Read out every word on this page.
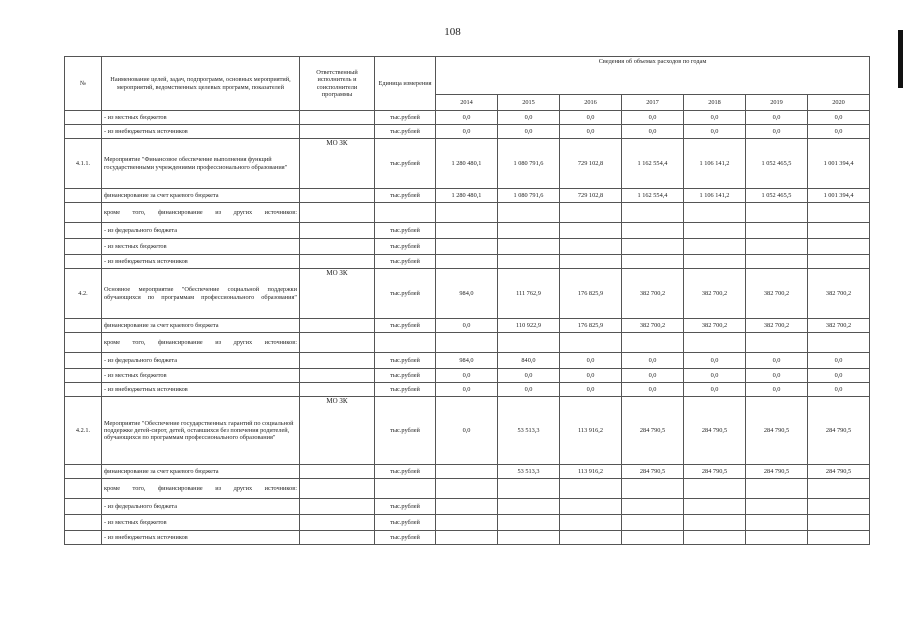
108
№	Наименование целей, задач, подпрограмм, основных мероприятий, мероприятий, ведомственных целевых программ, показателей	Ответственный исполнитель и соисполнители программы	Единица измерения	Сведения об объемах расходов по годам						
				2014	2015	2016	2017	2018	2019	2020
	- из местных бюджетов		тыс.рублей	0,0	0,0	0,0	0,0	0,0	0,0	0,0
	- из внебюджетных источников		тыс.рублей	0,0	0,0	0,0	0,0	0,0	0,0	0,0
4.1.1.	Мероприятие "Финансовое обеспечение выполнения функций государственными учреждениями профессионального образования"	МО ЗК	тыс.рублей	1 280 480,1	1 080 791,6	729 102,8	1 162 554,4	1 106 141,2	1 052 465,5	1 001 394,4
	финансирование за счет краевого бюджета		тыс.рублей	1 280 480,1	1 080 791,6	729 102,8	1 162 554,4	1 106 141,2	1 052 465,5	1 001 394,4
	кроме того, финансирование из других источников:									
	- из федерального бюджета		тыс.рублей							
	- из местных бюджетов		тыс.рублей							
	- из внебюджетных источников		тыс.рублей							
4.2.	Основное мероприятие "Обеспечение социальной поддержки обучающихся по программам профессионального образования"	МО ЗК	тыс.рублей	984,0	111 762,9	176 825,9	382 700,2	382 700,2	382 700,2	382 700,2
	финансирование за счет краевого бюджета		тыс.рублей	0,0	110 922,9	176 825,9	382 700,2	382 700,2	382 700,2	382 700,2
	кроме того, финансирование из других источников:									
	- из федерального бюджета		тыс.рублей	984,0	840,0	0,0	0,0	0,0	0,0	0,0
	- из местных бюджетов		тыс.рублей	0,0	0,0	0,0	0,0	0,0	0,0	0,0
	- из внебюджетных источников		тыс.рублей	0,0	0,0	0,0	0,0	0,0	0,0	0,0
4.2.1.	Мероприятие "Обеспечение государственных гарантий по социальной поддержке детей-сирот, детей, оставшихся без попечения родителей, обучающихся по программам профессионального образования"	МО ЗК	тыс.рублей	0,0	53 513,3	113 916,2	284 790,5	284 790,5	284 790,5	284 790,5
	финансирование за счет краевого бюджета		тыс.рублей		53 513,3	113 916,2	284 790,5	284 790,5	284 790,5	284 790,5
	кроме того, финансирование из других источников:									
	- из федерального бюджета		тыс.рублей							
	- из местных бюджетов		тыс.рублей							
	- из внебюджетных источников		тыс.рублей							
